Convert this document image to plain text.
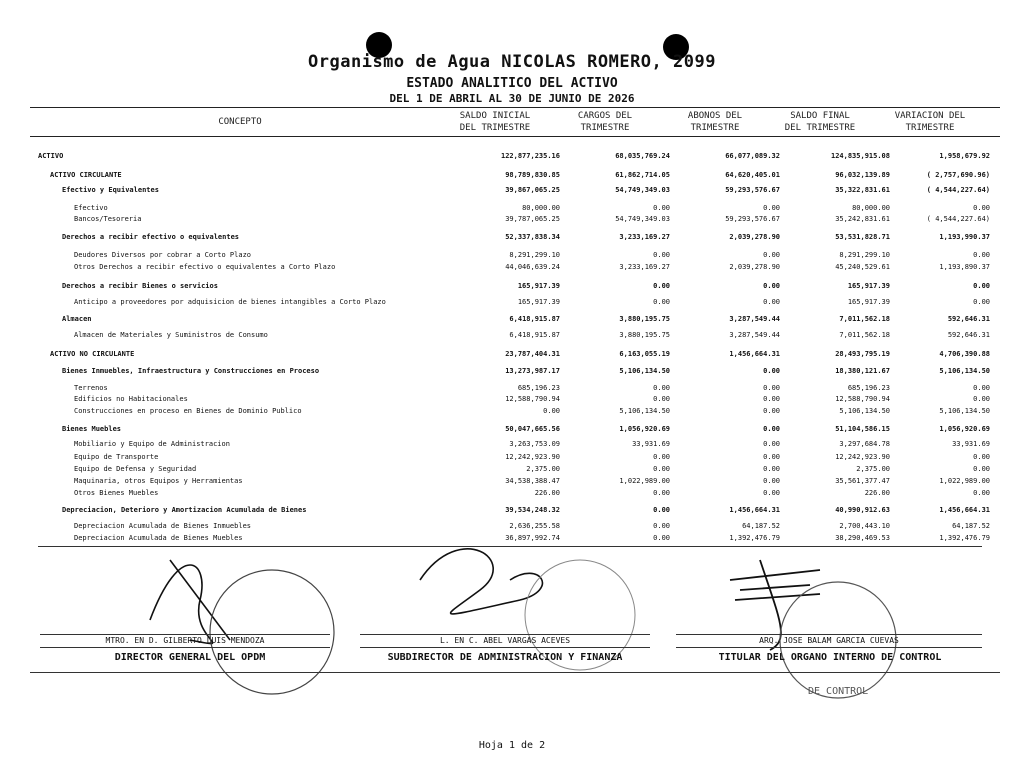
Organismo de Agua NICOLAS ROMERO, 2099
ESTADO ANALITICO DEL ACTIVO
DEL 1 DE ABRIL AL 30 DE JUNIO DE 2026
CONCEPTO
SALDO INICIAL
DEL TRIMESTRE
CARGOS DEL
TRIMESTRE
ABONOS DEL
TRIMESTRE
SALDO FINAL
DEL TRIMESTRE
VARIACION DEL
TRIMESTRE
ACTIVO	122,877,235.16	68,035,769.24	66,077,089.32	124,835,915.08	1,958,679.92
ACTIVO CIRCULANTE	98,789,830.85	61,862,714.05	64,620,405.01	96,032,139.89	( 2,757,690.96)
Efectivo y Equivalentes	39,867,065.25	54,749,349.03	59,293,576.67	35,322,831.61	( 4,544,227.64)
Efectivo	80,000.00	0.00	0.00	80,000.00	0.00
Bancos/Tesoreria	39,787,065.25	54,749,349.03	59,293,576.67	35,242,831.61	( 4,544,227.64)
Derechos a recibir efectivo o equivalentes	52,337,838.34	3,233,169.27	2,039,278.90	53,531,828.71	1,193,990.37
Deudores Diversos por cobrar a Corto Plazo	8,291,299.10	0.00	0.00	8,291,299.10	0.00
Otros Derechos a recibir efectivo o equivalentes a Corto Plazo	44,046,639.24	3,233,169.27	2,039,278.90	45,240,529.61	1,193,890.37
Derechos a recibir Bienes o servicios	165,917.39	0.00	0.00	165,917.39	0.00
Anticipo a proveedores por adquisicion de bienes intangibles a Corto Plazo	165,917.39	0.00	0.00	165,917.39	0.00
Almacen	6,418,915.87	3,880,195.75	3,287,549.44	7,011,562.18	592,646.31
Almacen de Materiales y Suministros de Consumo	6,418,915.87	3,880,195.75	3,287,549.44	7,011,562.18	592,646.31
ACTIVO NO CIRCULANTE	23,787,404.31	6,163,055.19	1,456,664.31	28,493,795.19	4,706,390.88
Bienes Inmuebles, Infraestructura y Construcciones en Proceso	13,273,987.17	5,106,134.50	0.00	18,380,121.67	5,106,134.50
Terrenos	685,196.23	0.00	0.00	685,196.23	0.00
Edificios no Habitacionales	12,588,790.94	0.00	0.00	12,588,790.94	0.00
Construcciones en proceso en Bienes de Dominio Publico	0.00	5,106,134.50	0.00	5,106,134.50	5,106,134.50
Bienes Muebles	50,047,665.56	1,056,920.69	0.00	51,104,586.15	1,056,920.69
Mobiliario y Equipo de Administracion	3,263,753.09	33,931.69	0.00	3,297,684.78	33,931.69
Equipo de Transporte	12,242,923.90	0.00	0.00	12,242,923.90	0.00
Equipo de Defensa y Seguridad	2,375.00	0.00	0.00	2,375.00	0.00
Maquinaria, otros Equipos y Herramientas	34,538,388.47	1,022,989.00	0.00	35,561,377.47	1,022,989.00
Otros Bienes Muebles	226.00	0.00	0.00	226.00	0.00
Depreciacion, Deterioro y Amortizacion Acumulada de Bienes	39,534,248.32	0.00	1,456,664.31	40,990,912.63	1,456,664.31
Depreciacion Acumulada de Bienes Inmuebles	2,636,255.58	0.00	64,187.52	2,700,443.10	64,187.52
Depreciacion Acumulada de Bienes Muebles	36,897,992.74	0.00	1,392,476.79	38,290,469.53	1,392,476.79
DE CONTROL
MTRO. EN D. GILBERTO LUIS MENDOZA	L. EN C. ABEL VARGAS ACEVES	ARQ. JOSE BALAM GARCIA CUEVAS
DIRECTOR GENERAL DEL OPDM	SUBDIRECTOR DE ADMINISTRACION Y FINANZA	TITULAR DEL ORGANO INTERNO DE CONTROL
Hoja 1 de 2
